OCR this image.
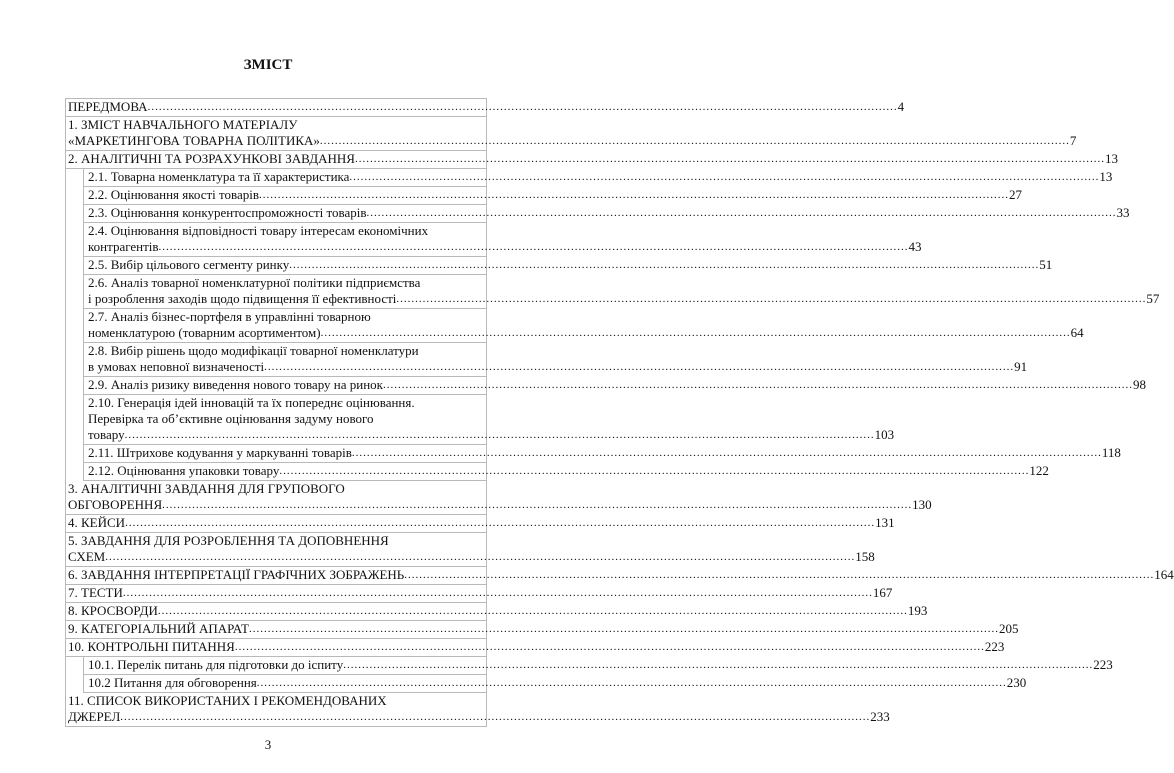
ЗМІСТ
ПЕРЕДМОВА ........................................................................................................................................................................................................ 4
1. ЗМІСТ НАВЧАЛЬНОГО МАТЕРІАЛУ
«МАРКЕТИНГОВА ТОВАРНА ПОЛІТИКА» ........................................................................................................................................................................................................ 7
2. АНАЛІТИЧНІ ТА РОЗРАХУНКОВІ ЗАВДАННЯ ........................................................................................................................................................................................................ 13
2.1. Товарна номенклатура та її характеристика ........................................................................................................................................................................................................ 13
2.2. Оцінювання якості товарів ........................................................................................................................................................................................................ 27
2.3. Оцінювання конкурентоспроможності товарів ........................................................................................................................................................................................................ 33
2.4. Оцінювання відповідності товару інтересам економічних
контрагентів ........................................................................................................................................................................................................ 43
2.5. Вибір цільового сегменту ринку ........................................................................................................................................................................................................ 51
2.6. Аналіз товарної номенклатурної політики підприємства
і розроблення заходів щодо підвищення її ефективності ........................................................................................................................................................................................................ 57
2.7. Аналіз бізнес-портфеля в управлінні товарною
номенклатурою (товарним асортиментом) ........................................................................................................................................................................................................ 64
2.8. Вибір рішень щодо модифікації товарної номенклатури
в умовах неповної визначеності ........................................................................................................................................................................................................ 91
2.9. Аналіз ризику виведення нового товару на ринок ........................................................................................................................................................................................................ 98
2.10. Генерація ідей інновацій та їх попереднє оцінювання.
Перевірка та об’єктивне оцінювання задуму нового
товару ........................................................................................................................................................................................................ 103
2.11. Штрихове кодування у маркуванні товарів ........................................................................................................................................................................................................ 118
2.12. Оцінювання упаковки товару ........................................................................................................................................................................................................ 122
3. АНАЛІТИЧНІ ЗАВДАННЯ ДЛЯ ГРУПОВОГО
ОБГОВОРЕННЯ ........................................................................................................................................................................................................ 130
4. КЕЙСИ ........................................................................................................................................................................................................ 131
5. ЗАВДАННЯ ДЛЯ РОЗРОБЛЕННЯ ТА ДОПОВНЕННЯ
СХЕМ ........................................................................................................................................................................................................ 158
6. ЗАВДАННЯ ІНТЕРПРЕТАЦІЇ ГРАФІЧНИХ ЗОБРАЖЕНЬ ........................................................................................................................................................................................................ 164
7. ТЕСТИ ........................................................................................................................................................................................................ 167
8. КРОСВОРДИ ........................................................................................................................................................................................................ 193
9. КАТЕГОРІАЛЬНИЙ АПАРАТ ........................................................................................................................................................................................................ 205
10. КОНТРОЛЬНІ ПИТАННЯ ........................................................................................................................................................................................................ 223
10.1. Перелік питань для підготовки до іспиту ........................................................................................................................................................................................................ 223
10.2 Питання для обговорення ........................................................................................................................................................................................................ 230
11. СПИСОК ВИКОРИСТАНИХ І РЕКОМЕНДОВАНИХ
ДЖЕРЕЛ ........................................................................................................................................................................................................ 233
3
